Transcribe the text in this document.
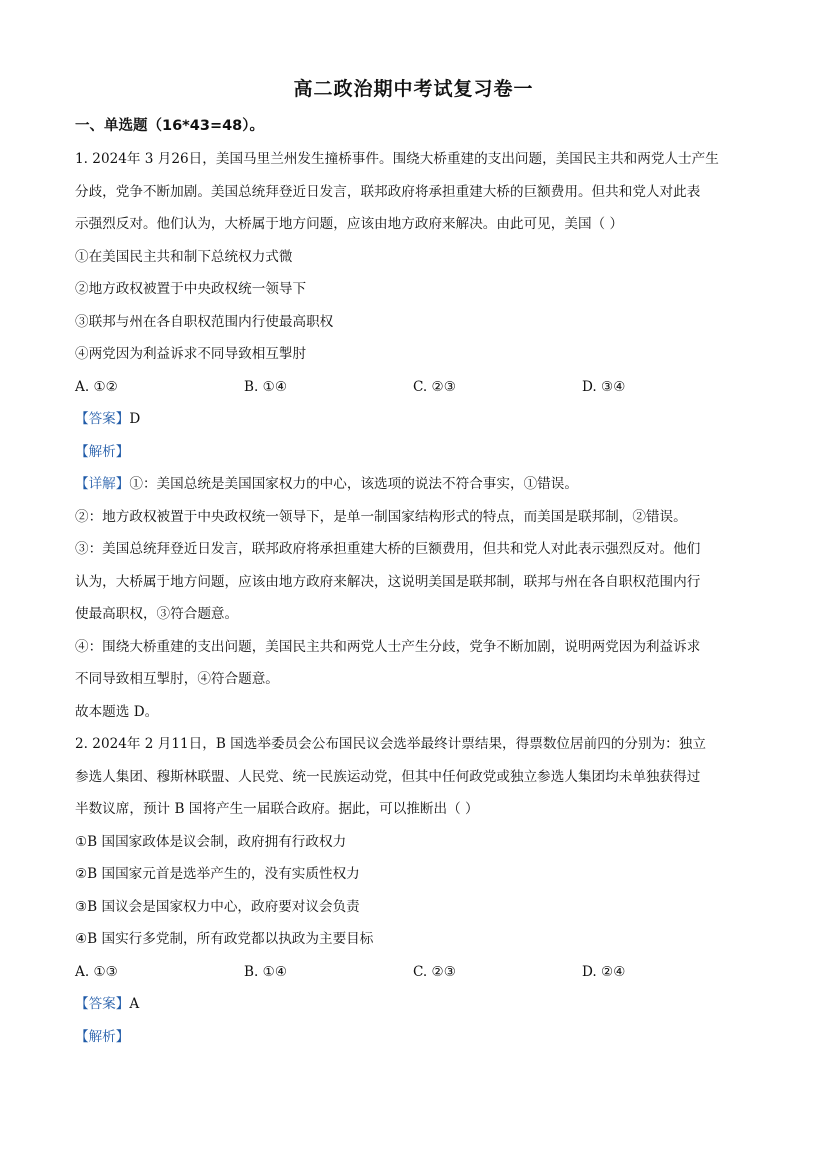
高二政治期中考试复习卷一
一、单选题（16*43=48）。
1. 2024年 3 月26日，美国马里兰州发生撞桥事件。围绕大桥重建的支出问题，美国民主共和两党人士产生
分歧，党争不断加剧。美国总统拜登近日发言，联邦政府将承担重建大桥的巨额费用。但共和党人对此表
示强烈反对。他们认为，大桥属于地方问题，应该由地方政府来解决。由此可见，美国（ ）
①在美国民主共和制下总统权力式微
②地方政权被置于中央政权统一领导下
③联邦与州在各自职权范围内行使最高职权
④两党因为利益诉求不同导致相互掣肘
A. ①②	B. ①④	C. ②③	D. ③④
【答案】D
【解析】
【详解】①：美国总统是美国国家权力的中心，该选项的说法不符合事实，①错误。
②：地方政权被置于中央政权统一领导下，是单一制国家结构形式的特点，而美国是联邦制，②错误。
③：美国总统拜登近日发言，联邦政府将承担重建大桥的巨额费用，但共和党人对此表示强烈反对。他们
认为，大桥属于地方问题，应该由地方政府来解决，这说明美国是联邦制，联邦与州在各自职权范围内行
使最高职权，③符合题意。
④：围绕大桥重建的支出问题，美国民主共和两党人士产生分歧，党争不断加剧，说明两党因为利益诉求
不同导致相互掣肘，④符合题意。
故本题选 D。
2. 2024年 2 月11日，B 国选举委员会公布国民议会选举最终计票结果，得票数位居前四的分别为：独立
参选人集团、穆斯林联盟、人民党、统一民族运动党，但其中任何政党或独立参选人集团均未单独获得过
半数议席，预计 B 国将产生一届联合政府。据此，可以推断出（ ）
①B 国国家政体是议会制，政府拥有行政权力
②B 国国家元首是选举产生的，没有实质性权力
③B 国议会是国家权力中心，政府要对议会负责
④B 国实行多党制，所有政党都以执政为主要目标
A. ①③	B. ①④	C. ②③	D. ②④
【答案】A
【解析】
